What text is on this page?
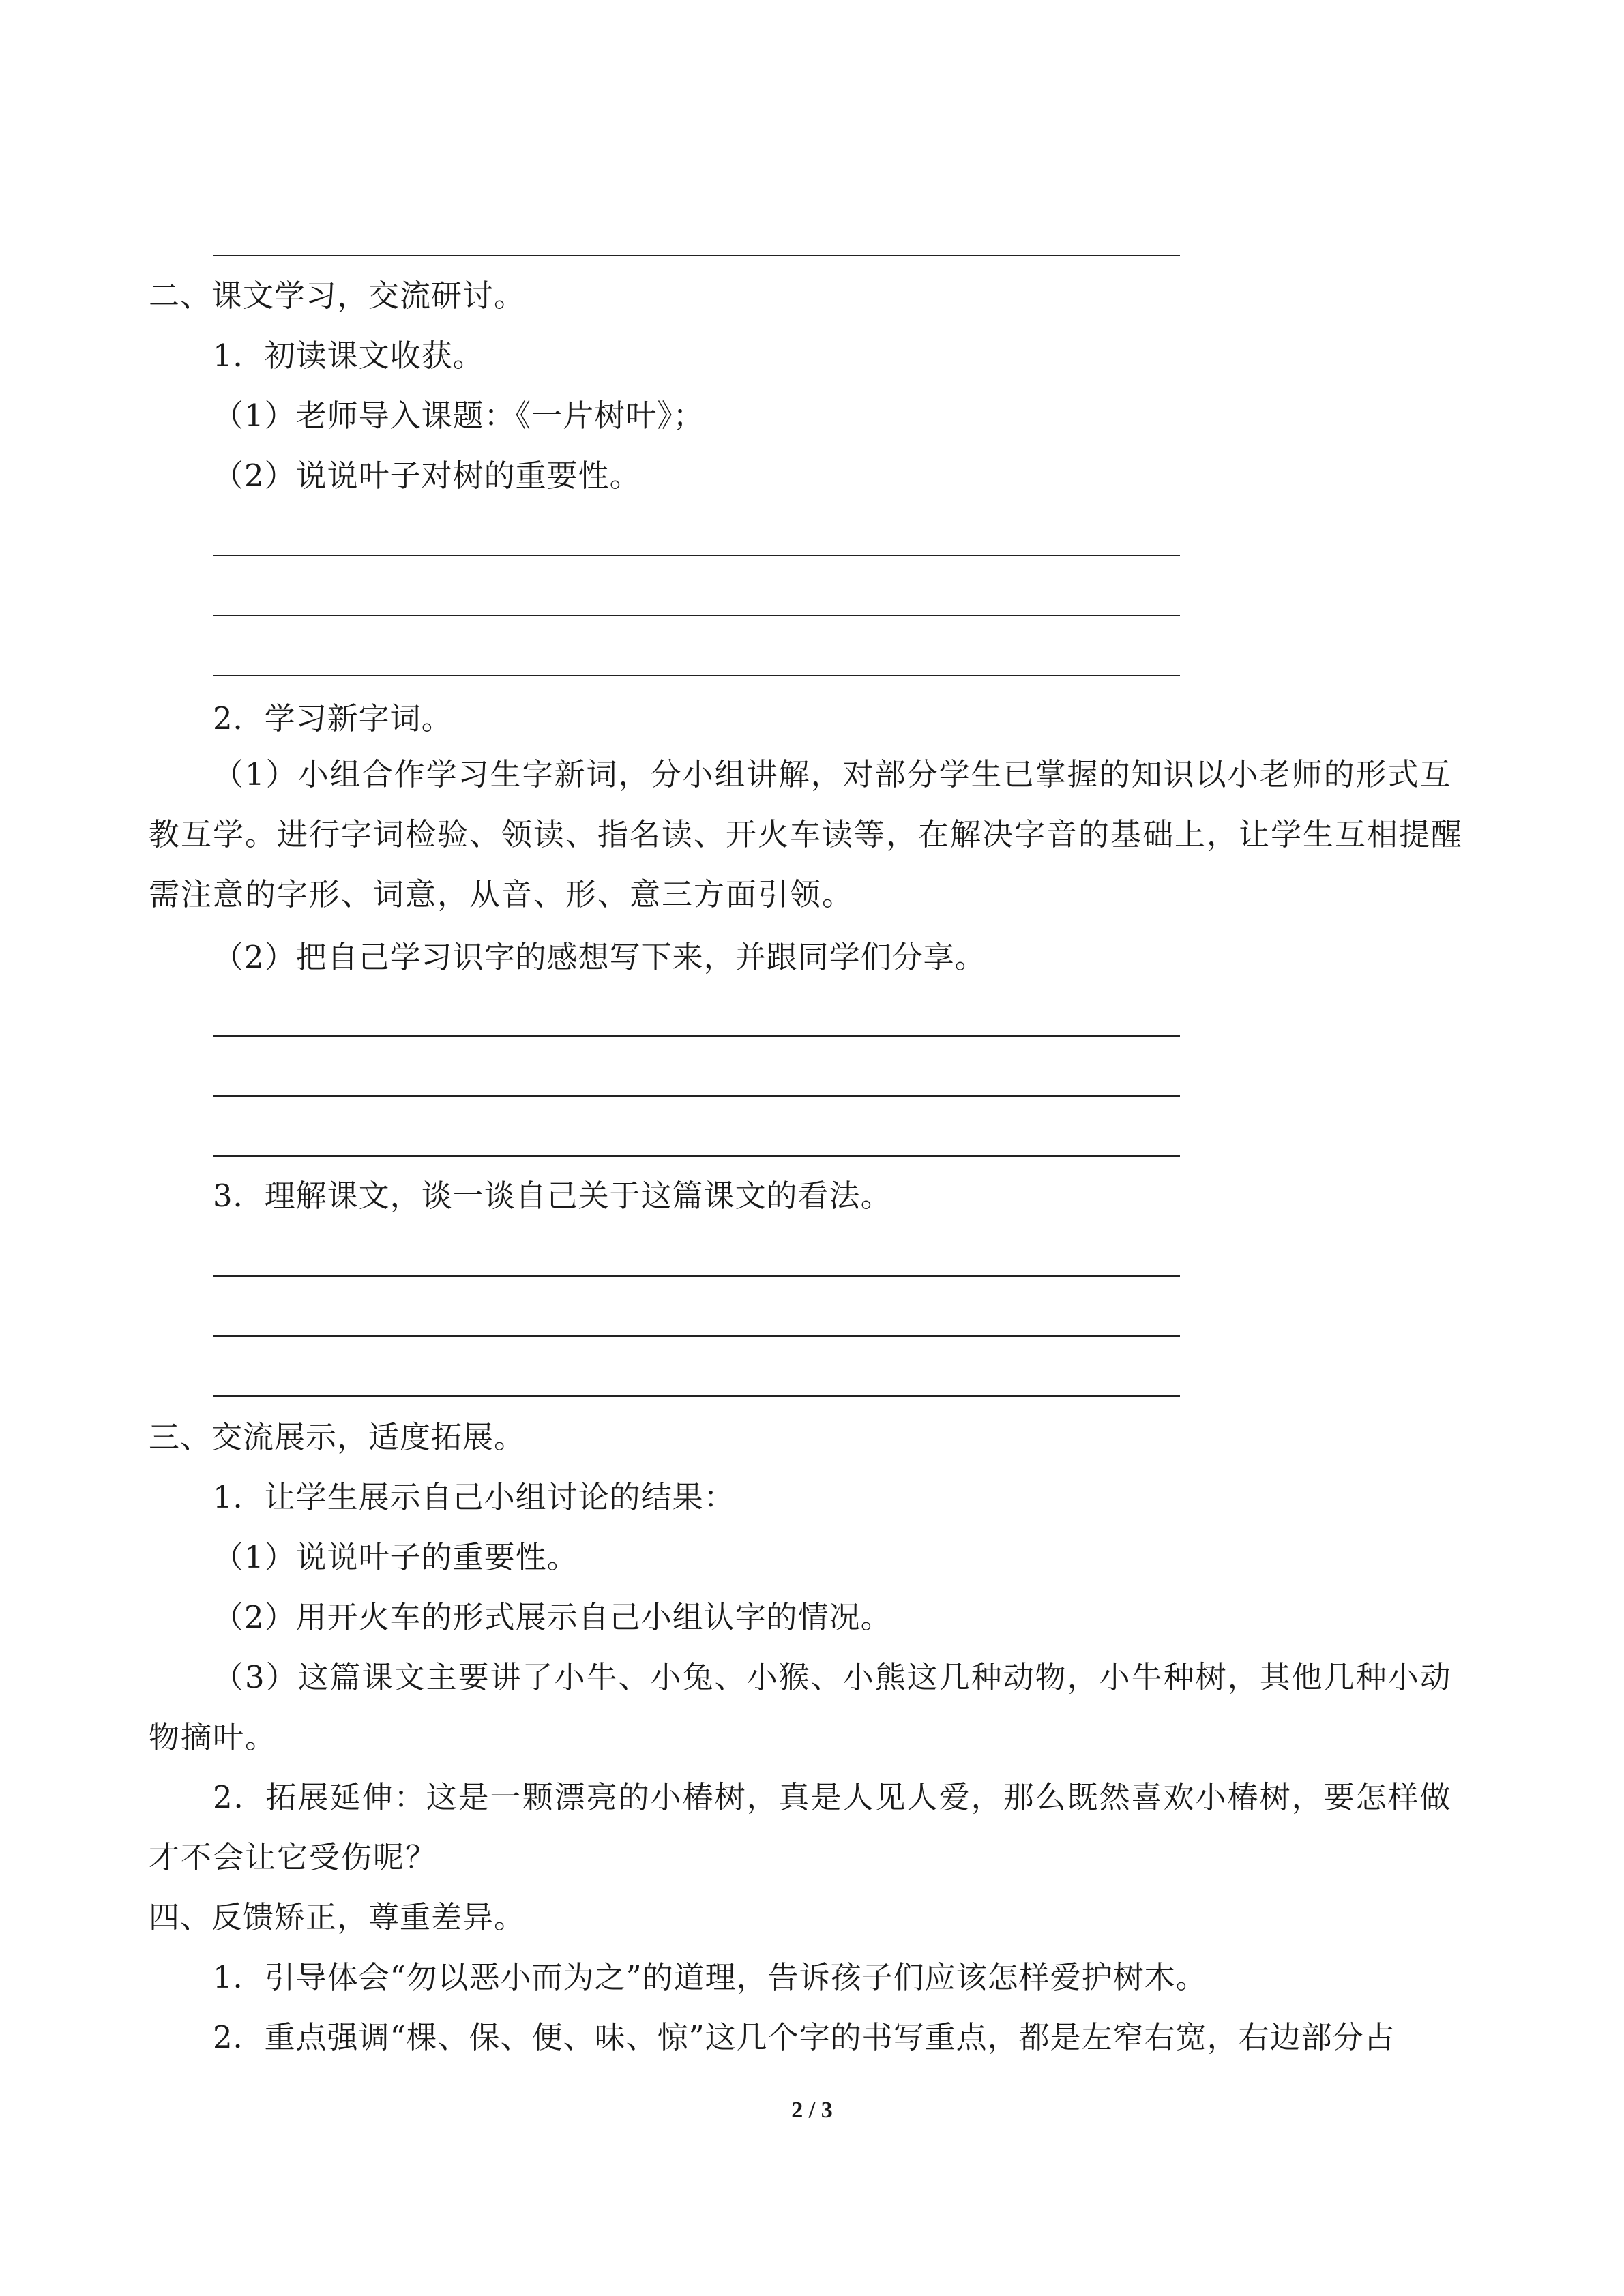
二、课文学习，交流研讨。
1．初读课文收获。
（1）老师导入课题：《一片树叶》；
（2）说说叶子对树的重要性。
2．学习新字词。
（1）小组合作学习生字新词，分小组讲解，对部分学生已掌握的知识以小老师的形式互教互学。进行字词检验、领读、指名读、开火车读等，在解决字音的基础上，让学生互相提醒需注意的字形、词意，从音、形、意三方面引领。
（2）把自己学习识字的感想写下来，并跟同学们分享。
3．理解课文，谈一谈自己关于这篇课文的看法。
三、交流展示，适度拓展。
1．让学生展示自己小组讨论的结果：
（1）说说叶子的重要性。
（2）用开火车的形式展示自己小组认字的情况。
（3）这篇课文主要讲了小牛、小兔、小猴、小熊这几种动物，小牛种树，其他几种小动物摘叶。
2．拓展延伸：这是一颗漂亮的小椿树，真是人见人爱，那么既然喜欢小椿树，要怎样做才不会让它受伤呢？
四、反馈矫正，尊重差异。
1．引导体会“勿以恶小而为之”的道理，告诉孩子们应该怎样爱护树木。
2．重点强调“棵、保、便、味、惊”这几个字的书写重点，都是左窄右宽，右边部分占
2 / 3
